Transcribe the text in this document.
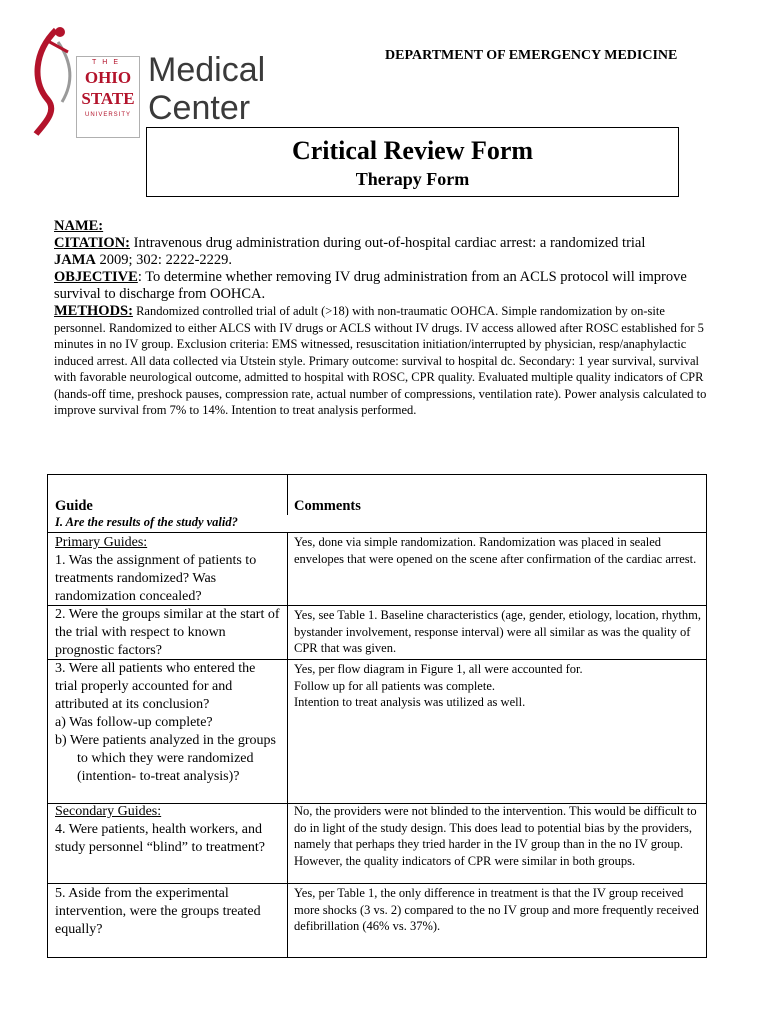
THE
OHIO
STATE
UNIVERSITY
Medical
Center
DEPARTMENT OF EMERGENCY MEDICINE
Critical Review Form
Therapy Form
NAME:
CITATION: Intravenous drug administration during out-of-hospital cardiac arrest: a randomized trial
JAMA 2009; 302: 2222-2229.
OBJECTIVE: To determine whether removing IV drug administration from an ACLS protocol will improve survival to discharge from OOHCA.
METHODS: Randomized controlled trial of adult (>18) with non-traumatic OOHCA. Simple randomization by on-site personnel. Randomized to either ALCS with IV drugs or ACLS without IV drugs. IV access allowed after ROSC established for 5 minutes in no IV group. Exclusion criteria: EMS witnessed, resuscitation initiation/interrupted by physician, resp/anaphylactic induced arrest. All data collected via Utstein style. Primary outcome: survival to hospital dc. Secondary: 1 year survival, survival with favorable neurological outcome, admitted to hospital with ROSC, CPR quality. Evaluated multiple quality indicators of CPR (hands-off time, preshock pauses, compression rate, actual number of compressions, ventilation rate). Power analysis calculated to improve survival from 7% to 14%. Intention to treat analysis performed.
Guide	Comments
I. Are the results of the study valid?
Primary Guides:
1. Was the assignment of patients to treatments randomized? Was randomization concealed?
Yes, done via simple randomization. Randomization was placed in sealed envelopes that were opened on the scene after confirmation of the cardiac arrest.
2. Were the groups similar at the start of the trial with respect to known prognostic factors?
Yes, see Table 1. Baseline characteristics (age, gender, etiology, location, rhythm, bystander involvement, response interval) were all similar as was the quality of CPR that was given.
3. Were all patients who entered the trial properly accounted for and attributed at its conclusion?
a) Was follow-up complete?
b) Were patients analyzed in the groups to which they were randomized (intention- to-treat analysis)?
Yes, per flow diagram in Figure 1, all were accounted for.
Follow up for all patients was complete.
Intention to treat analysis was utilized as well.
Secondary Guides:
4. Were patients, health workers, and study personnel “blind” to treatment?
No, the providers were not blinded to the intervention. This would be difficult to do in light of the study design. This does lead to potential bias by the providers, namely that perhaps they tried harder in the IV group than in the no IV group. However, the quality indicators of CPR were similar in both groups.
5. Aside from the experimental intervention, were the groups treated equally?
Yes, per Table 1, the only difference in treatment is that the IV group received more shocks (3 vs. 2) compared to the no IV group and more frequently received defibrillation (46% vs. 37%).
